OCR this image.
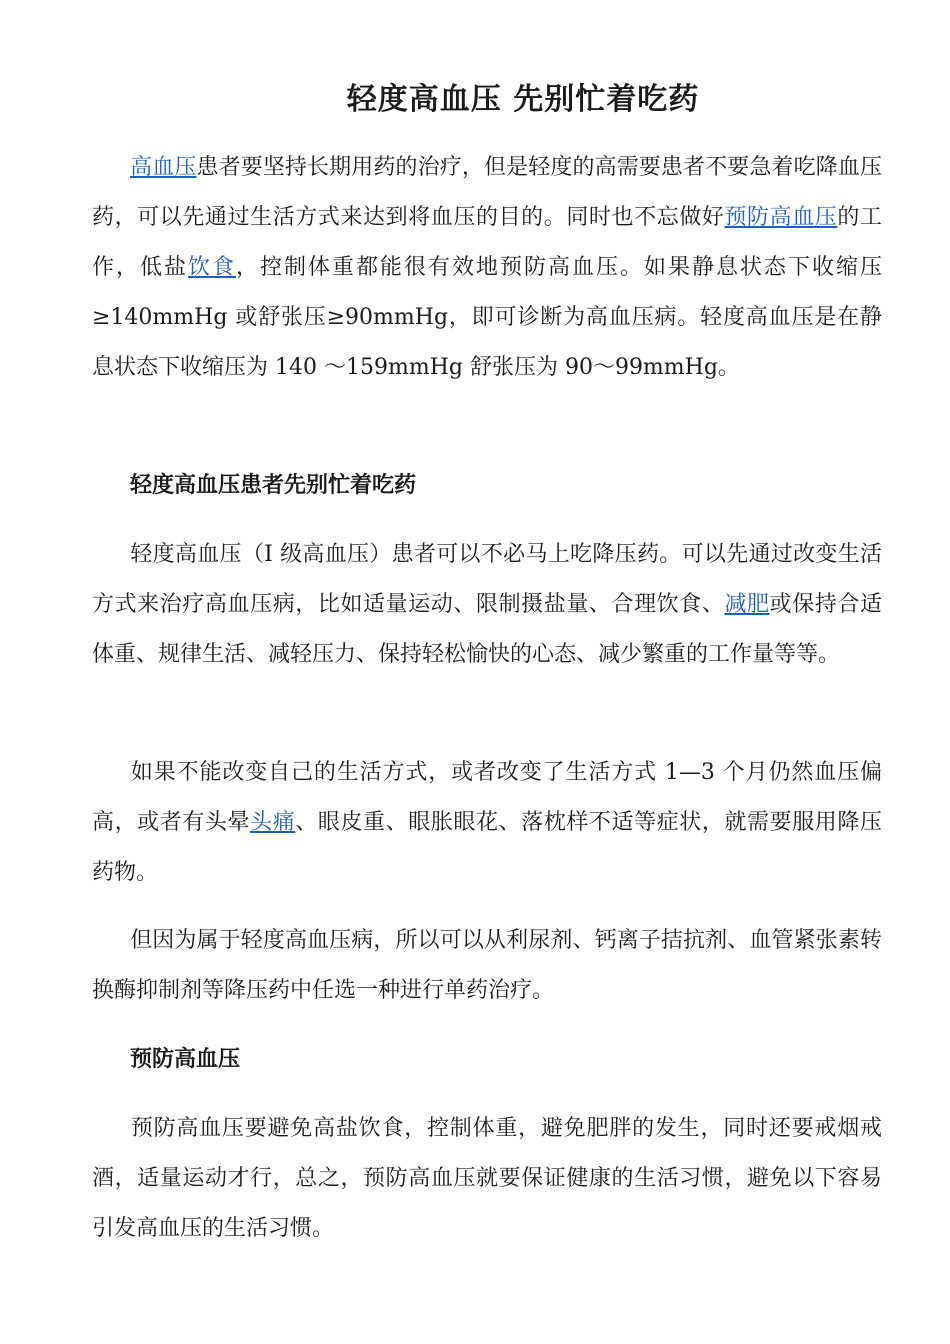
轻度高血压 先别忙着吃药

高血压患者要坚持长期用药的治疗，但是轻度的高需要患者不要急着吃降血压药，可以先通过生活方式来达到将血压的目的。同时也不忘做好预防高血压的工作，低盐饮食，控制体重都能很有效地预防高血压。如果静息状态下收缩压≥140mmHg 或舒张压≥90mmHg，即可诊断为高血压病。轻度高血压是在静息状态下收缩压为 140 ～159mmHg 舒张压为 90～99mmHg。

轻度高血压患者先别忙着吃药

轻度高血压（I 级高血压）患者可以不必马上吃降压药。可以先通过改变生活方式来治疗高血压病，比如适量运动、限制摄盐量、合理饮食、减肥或保持合适体重、规律生活、减轻压力、保持轻松愉快的心态、减少繁重的工作量等等。

如果不能改变自己的生活方式，或者改变了生活方式 1—3 个月仍然血压偏高，或者有头晕头痛、眼皮重、眼胀眼花、落枕样不适等症状，就需要服用降压药物。

但因为属于轻度高血压病，所以可以从利尿剂、钙离子拮抗剂、血管紧张素转换酶抑制剂等降压药中任选一种进行单药治疗。

预防高血压

预防高血压要避免高盐饮食，控制体重，避免肥胖的发生，同时还要戒烟戒酒，适量运动才行，总之，预防高血压就要保证健康的生活习惯，避免以下容易引发高血压的生活习惯。
